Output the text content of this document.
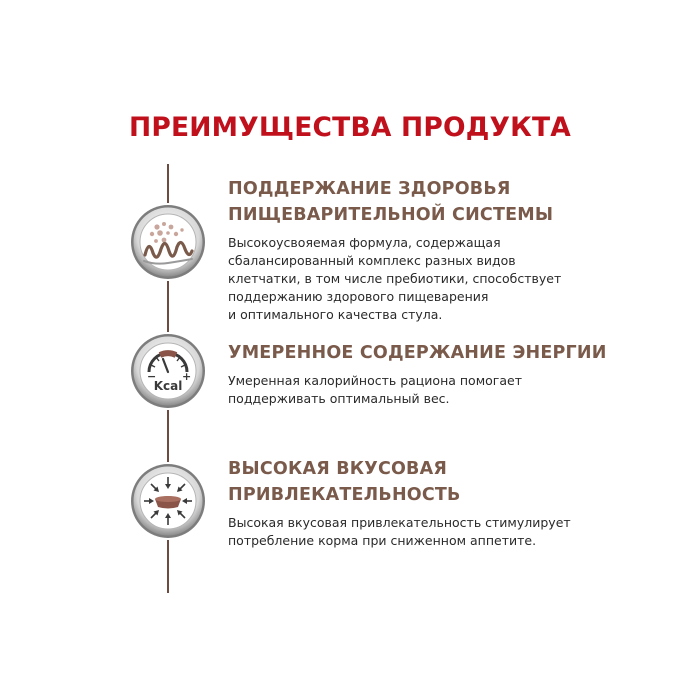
ПРЕИМУЩЕСТВА ПРОДУКТА
− +
Kcal
ПОДДЕРЖАНИЕ ЗДОРОВЬЯ
ПИЩЕВАРИТЕЛЬНОЙ СИСТЕМЫ
Высокоусвояемая формула, содержащая
сбалансированный комплекс разных видов
клетчатки, в том числе пребиотики, способствует
поддержанию здорового пищеварения
и оптимального качества стула.
УМЕРЕННОЕ СОДЕРЖАНИЕ ЭНЕРГИИ
Умеренная калорийность рациона помогает
поддерживать оптимальный вес.
ВЫСОКАЯ ВКУСОВАЯ
ПРИВЛЕКАТЕЛЬНОСТЬ
Высокая вкусовая привлекательность стимулирует
потребление корма при сниженном аппетите.
